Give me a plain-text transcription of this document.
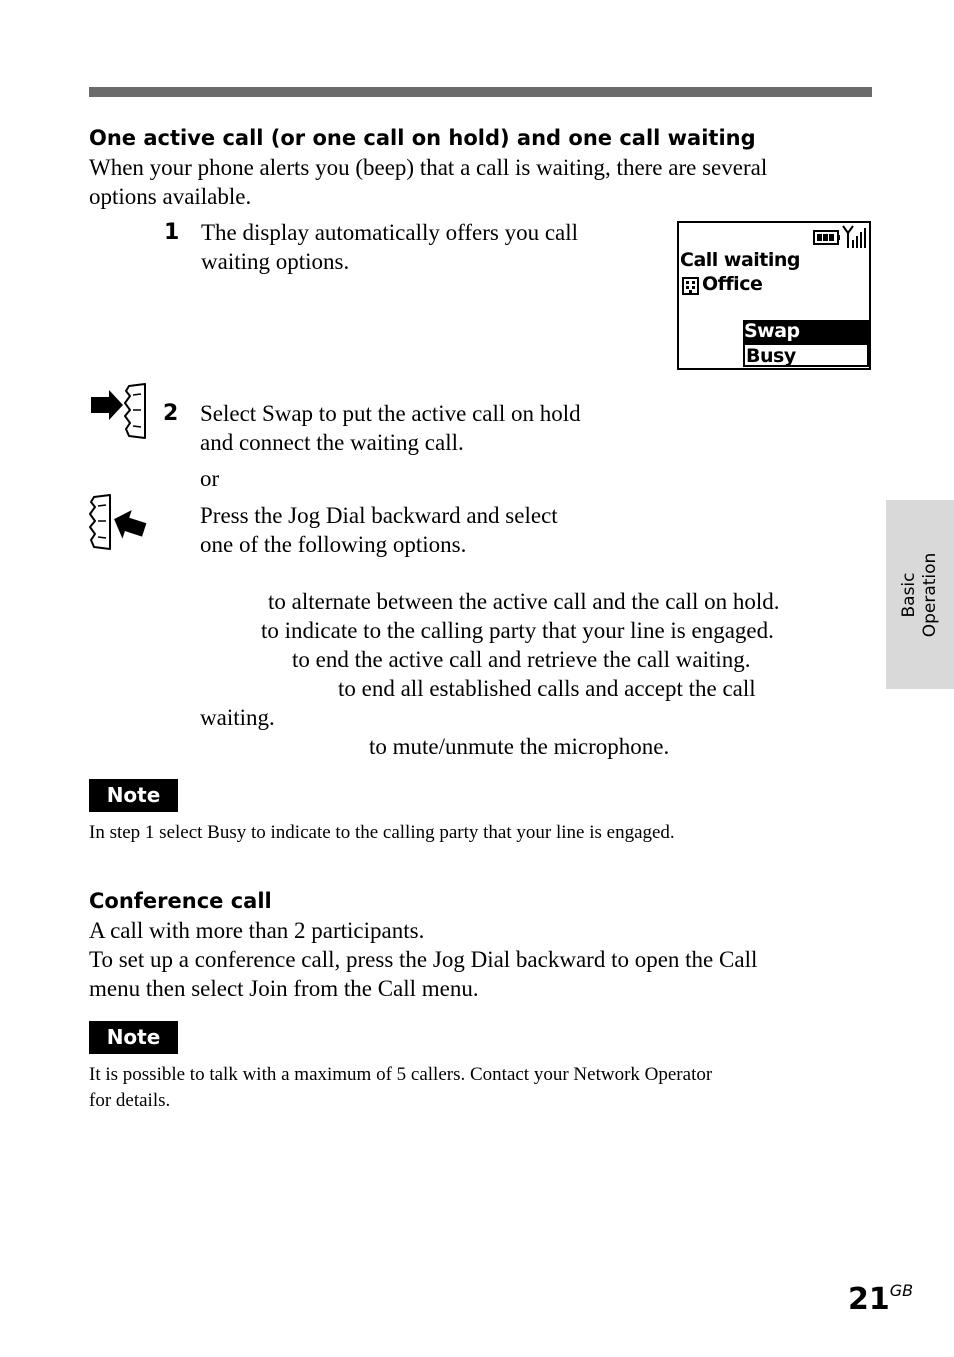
One active call (or one call on hold) and one call waiting
When your phone alerts you (beep) that a call is waiting, there are several
options available.
1 The display automatically offers you call
waiting options.	Call waiting
Office
Swap
Busy
2 Select Swap to put the active call on hold
and connect the waiting call.
or
Press the Jog Dial backward and select
one of the following options.
to alternate between the active call and the call on hold.
to indicate to the calling party that your line is engaged.
to end the active call and retrieve the call waiting.
to end all established calls and accept the call
waiting.
to mute/unmute the microphone.
Note
In step 1 select Busy to indicate to the calling party that your line is engaged.
Conference call
A call with more than 2 participants.
To set up a conference call, press the Jog Dial backward to open the Call
menu then select Join from the Call menu.
Note
It is possible to talk with a maximum of 5 callers. Contact your Network Operator
for details.
Basic Operation
$21^{GB}$
